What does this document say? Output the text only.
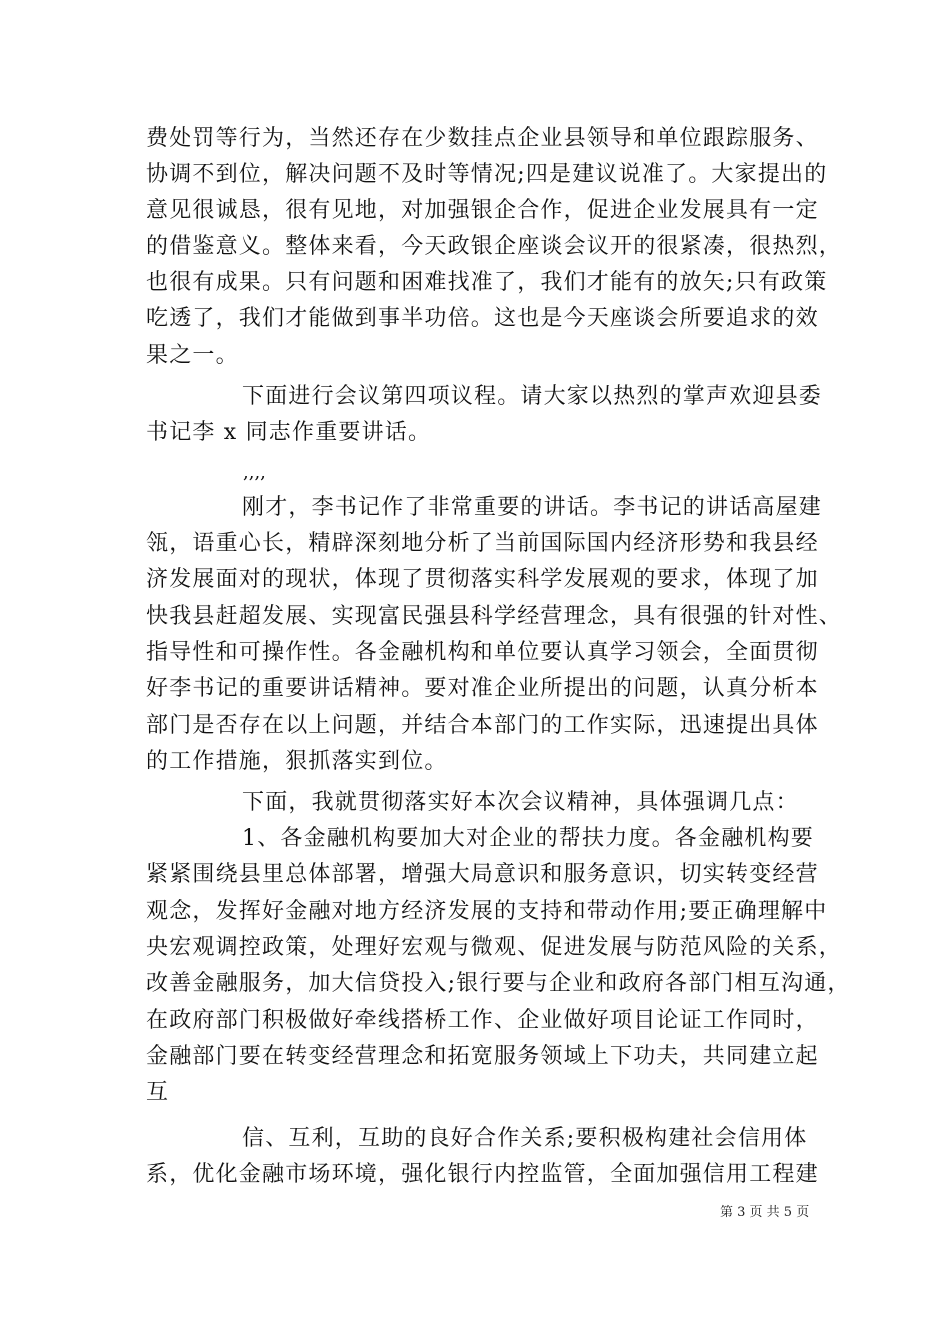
费处罚等行为，当然还存在少数挂点企业县领导和单位跟踪服务、
协调不到位，解决问题不及时等情况;四是建议说准了。大家提出的
意见很诚恳，很有见地，对加强银企合作，促进企业发展具有一定
的借鉴意义。整体来看，今天政银企座谈会议开的很紧凑，很热烈，
也很有成果。只有问题和困难找准了，我们才能有的放矢;只有政策
吃透了，我们才能做到事半功倍。这也是今天座谈会所要追求的效
果之一。
下面进行会议第四项议程。请大家以热烈的掌声欢迎县委
书记李 x 同志作重要讲话。
,,,,
刚才，李书记作了非常重要的讲话。李书记的讲话高屋建
瓴，语重心长，精辟深刻地分析了当前国际国内经济形势和我县经
济发展面对的现状，体现了贯彻落实科学发展观的要求，体现了加
快我县赶超发展、实现富民强县科学经营理念，具有很强的针对性、
指导性和可操作性。各金融机构和单位要认真学习领会，全面贯彻
好李书记的重要讲话精神。要对准企业所提出的问题，认真分析本
部门是否存在以上问题，并结合本部门的工作实际，迅速提出具体
的工作措施，狠抓落实到位。
下面，我就贯彻落实好本次会议精神，具体强调几点：
1、各金融机构要加大对企业的帮扶力度。各金融机构要
紧紧围绕县里总体部署，增强大局意识和服务意识，切实转变经营
观念，发挥好金融对地方经济发展的支持和带动作用;要正确理解中
央宏观调控政策，处理好宏观与微观、促进发展与防范风险的关系，
改善金融服务，加大信贷投入;银行要与企业和政府各部门相互沟通，
在政府部门积极做好牵线搭桥工作、企业做好项目论证工作同时，
金融部门要在转变经营理念和拓宽服务领域上下功夫，共同建立起
互
信、互利，互助的良好合作关系;要积极构建社会信用体
系，优化金融市场环境，强化银行内控监管，全面加强信用工程建
第 3 页 共 5 页
